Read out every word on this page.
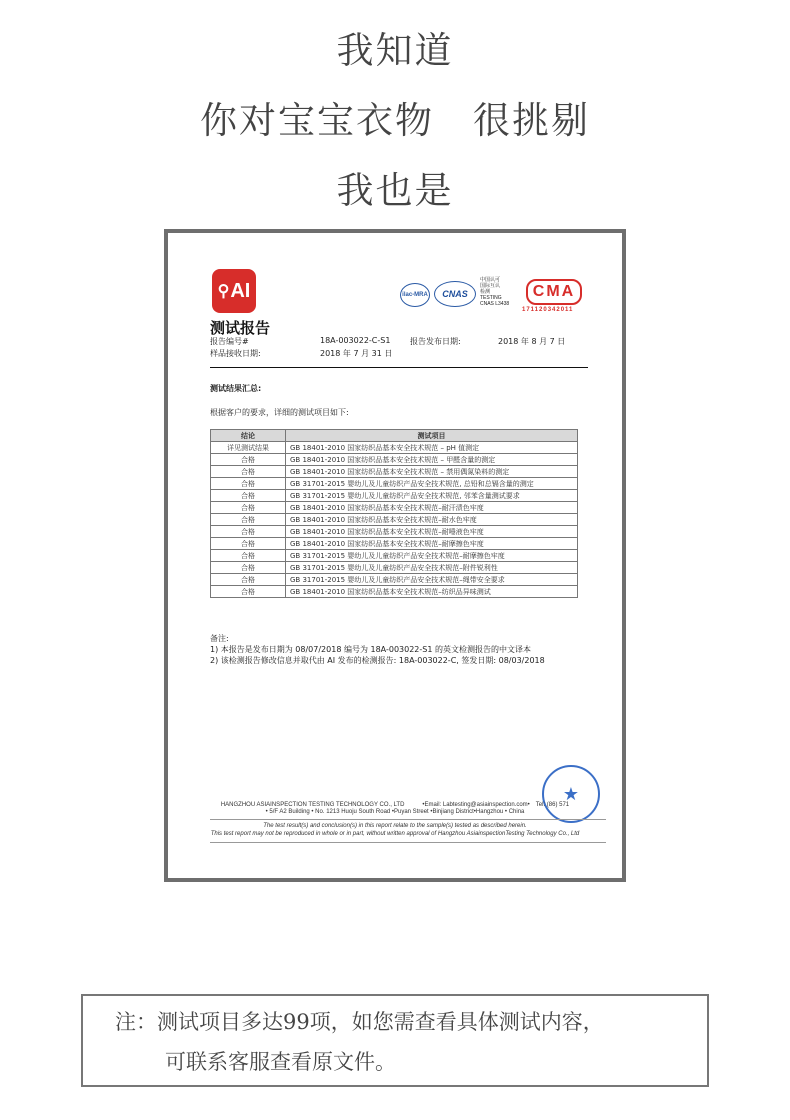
我知道
你对宝宝衣物　很挑剔
我也是
⚲ AI
测试报告
ilac-MRA	CNAS
中国认可
国际互认
检测
TESTING
CNAS L3438
CMA
171120342011
报告编号#	18A-003022-C-S1 报告发布日期:	2018 年 8 月 7 日
样品接收日期:	2018 年 7 月 31 日
测试结果汇总:
根据客户的要求，详细的测试项目如下:
结论	测试项目
详见测试结果	GB 18401-2010 国家纺织品基本安全技术规范 – pH 值测定
合格	GB 18401-2010 国家纺织品基本安全技术规范 – 甲醛含量的测定
合格	GB 18401-2010 国家纺织品基本安全技术规范 – 禁用偶氮染料的测定
合格	GB 31701-2015 婴幼儿及儿童纺织产品安全技术规范, 总铅和总镉含量的测定
合格	GB 31701-2015 婴幼儿及儿童纺织产品安全技术规范, 邻苯含量测试要求
合格	GB 18401-2010 国家纺织品基本安全技术规范–耐汗渍色牢度
合格	GB 18401-2010 国家纺织品基本安全技术规范–耐水色牢度
合格	GB 18401-2010 国家纺织品基本安全技术规范–耐唾液色牢度
合格	GB 18401-2010 国家纺织品基本安全技术规范–耐摩擦色牢度
合格	GB 31701-2015 婴幼儿及儿童纺织产品安全技术规范–耐摩擦色牢度
合格	GB 31701-2015 婴幼儿及儿童纺织产品安全技术规范–附件锐利性
合格	GB 31701-2015 婴幼儿及儿童纺织产品安全技术规范–绳带安全要求
合格	GB 18401-2010 国家纺织品基本安全技术规范–纺织品异味测试
备注:
1) 本报告是发布日期为 08/07/2018 编号为 18A-003022-S1 的英文检测报告的中文译本
2) 该检测报告修改信息并取代由 AI 发布的检测报告: 18A-003022-C, 签发日期: 08/03/2018
★
HANGZHOU ASIAINSPECTION TESTING TECHNOLOGY CO., LTD　　　•Email: Labtesting@asiainspection.com•　Tel: (86) 571
• 5/F A2 Building • No. 1213 Huoju South Road •Puyan Street •Binjiang District•Hangzhou • China
The test result(s) and conclusion(s) in this report relate to the sample(s) tested as described herein.
This test report may not be reproduced in whole or in part, without written approval of Hangzhou AsiainspectionTesting Technology Co., Ltd

注：测试项目多达99项，如您需查看具体测试内容，

可联系客服查看原文件。
